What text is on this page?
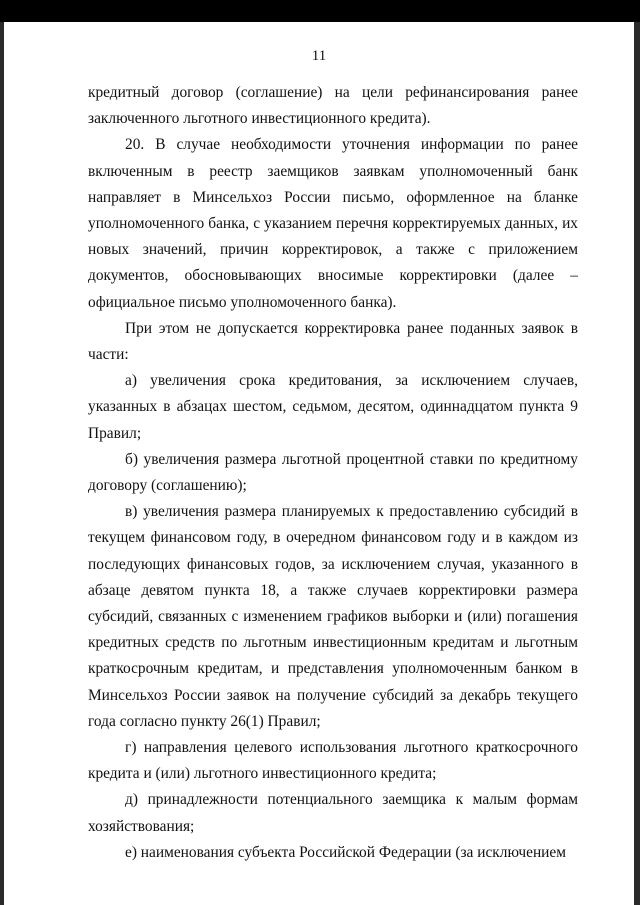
11

кредитный договор (соглашение) на цели рефинансирования ранее заключенного льготного инвестиционного кредита).

20. В случае необходимости уточнения информации по ранее включенным в реестр заемщиков заявкам уполномоченный банк направляет в Минсельхоз России письмо, оформленное на бланке уполномоченного банка, с указанием перечня корректируемых данных, их новых значений, причин корректировок, а также с приложением документов, обосновывающих вносимые корректировки (далее – официальное письмо уполномоченного банка).

При этом не допускается корректировка ранее поданных заявок в части:

а) увеличения срока кредитования, за исключением случаев, указанных в абзацах шестом, седьмом, десятом, одиннадцатом пункта 9 Правил;

б) увеличения размера льготной процентной ставки по кредитному договору (соглашению);

в) увеличения размера планируемых к предоставлению субсидий в текущем финансовом году, в очередном финансовом году и в каждом из последующих финансовых годов, за исключением случая, указанного в абзаце девятом пункта 18, а также случаев корректировки размера субсидий, связанных с изменением графиков выборки и (или) погашения кредитных средств по льготным инвестиционным кредитам и льготным краткосрочным кредитам, и представления уполномоченным банком в Минсельхоз России заявок на получение субсидий за декабрь текущего года согласно пункту 26(1) Правил;

г) направления целевого использования льготного краткосрочного кредита и (или) льготного инвестиционного кредита;

д) принадлежности потенциального заемщика к малым формам хозяйствования;

е) наименования субъекта Российской Федерации (за исключением
